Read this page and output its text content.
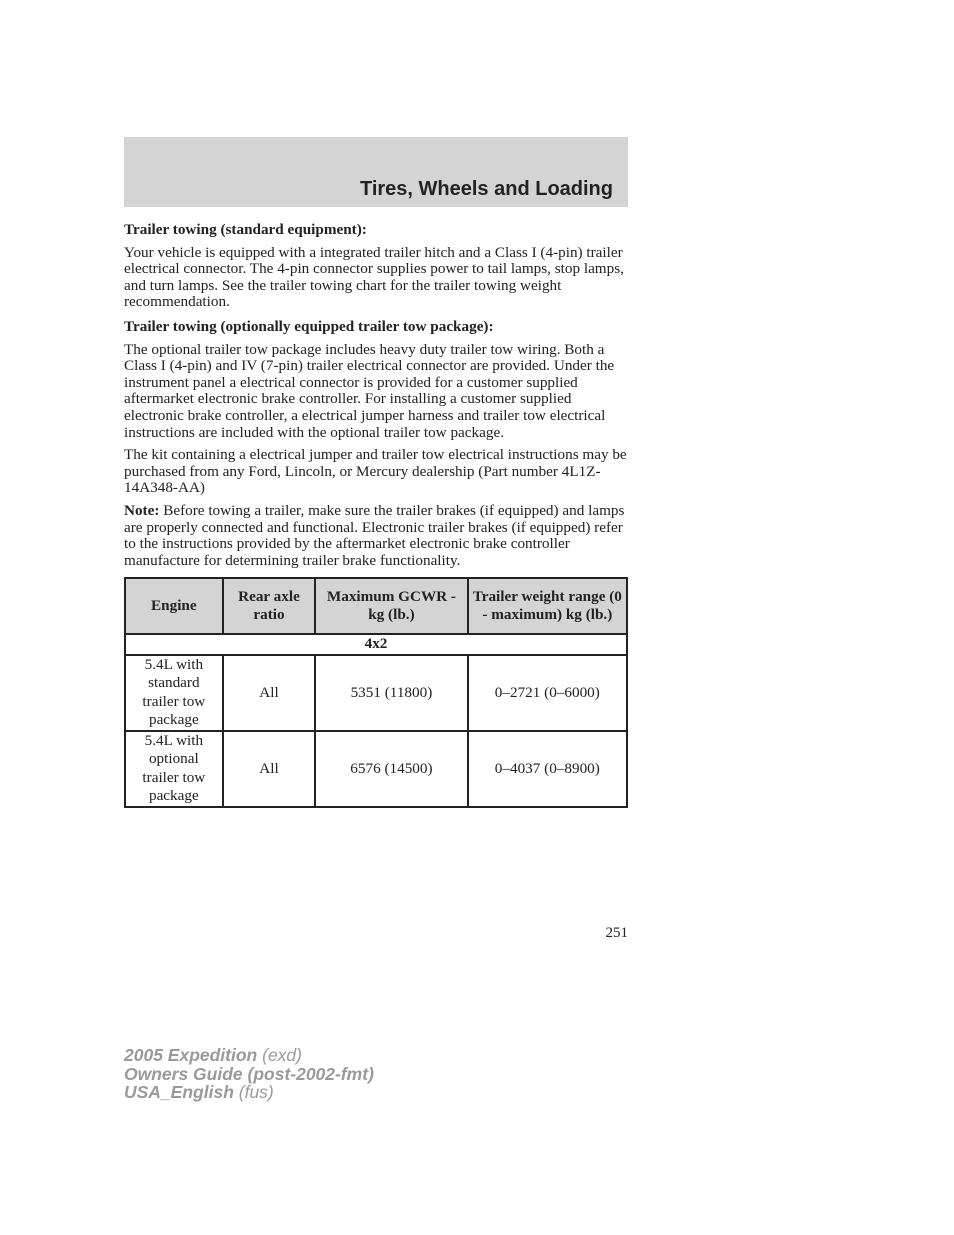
Tires, Wheels and Loading

Trailer towing (standard equipment):

Your vehicle is equipped with a integrated trailer hitch and a Class I (4-pin) trailer electrical connector. The 4-pin connector supplies power to tail lamps, stop lamps, and turn lamps. See the trailer towing chart for the trailer towing weight recommendation.

Trailer towing (optionally equipped trailer tow package):

The optional trailer tow package includes heavy duty trailer tow wiring. Both a Class I (4-pin) and IV (7-pin) trailer electrical connector are provided. Under the instrument panel a electrical connector is provided for a customer supplied aftermarket electronic brake controller. For installing a customer supplied electronic brake controller, a electrical jumper harness and trailer tow electrical instructions are included with the optional trailer tow package.

The kit containing a electrical jumper and trailer tow electrical instructions may be purchased from any Ford, Lincoln, or Mercury dealership (Part number 4L1Z-14A348-AA)

Note: Before towing a trailer, make sure the trailer brakes (if equipped) and lamps are properly connected and functional. Electronic trailer brakes (if equipped) refer to the instructions provided by the aftermarket electronic brake controller manufacture for determining trailer brake functionality.

Engine	Rear axle ratio	Maximum GCWR - kg (lb.)	Trailer weight range (0 - maximum) kg (lb.)
4x2			
5.4L with standard trailer tow package	All	5351 (11800)	0–2721 (0–6000)
5.4L with optional trailer tow package	All	6576 (14500)	0–4037 (0–8900)
251
2005 Expedition (exd)
Owners Guide (post-2002-fmt)
USA_English (fus)
